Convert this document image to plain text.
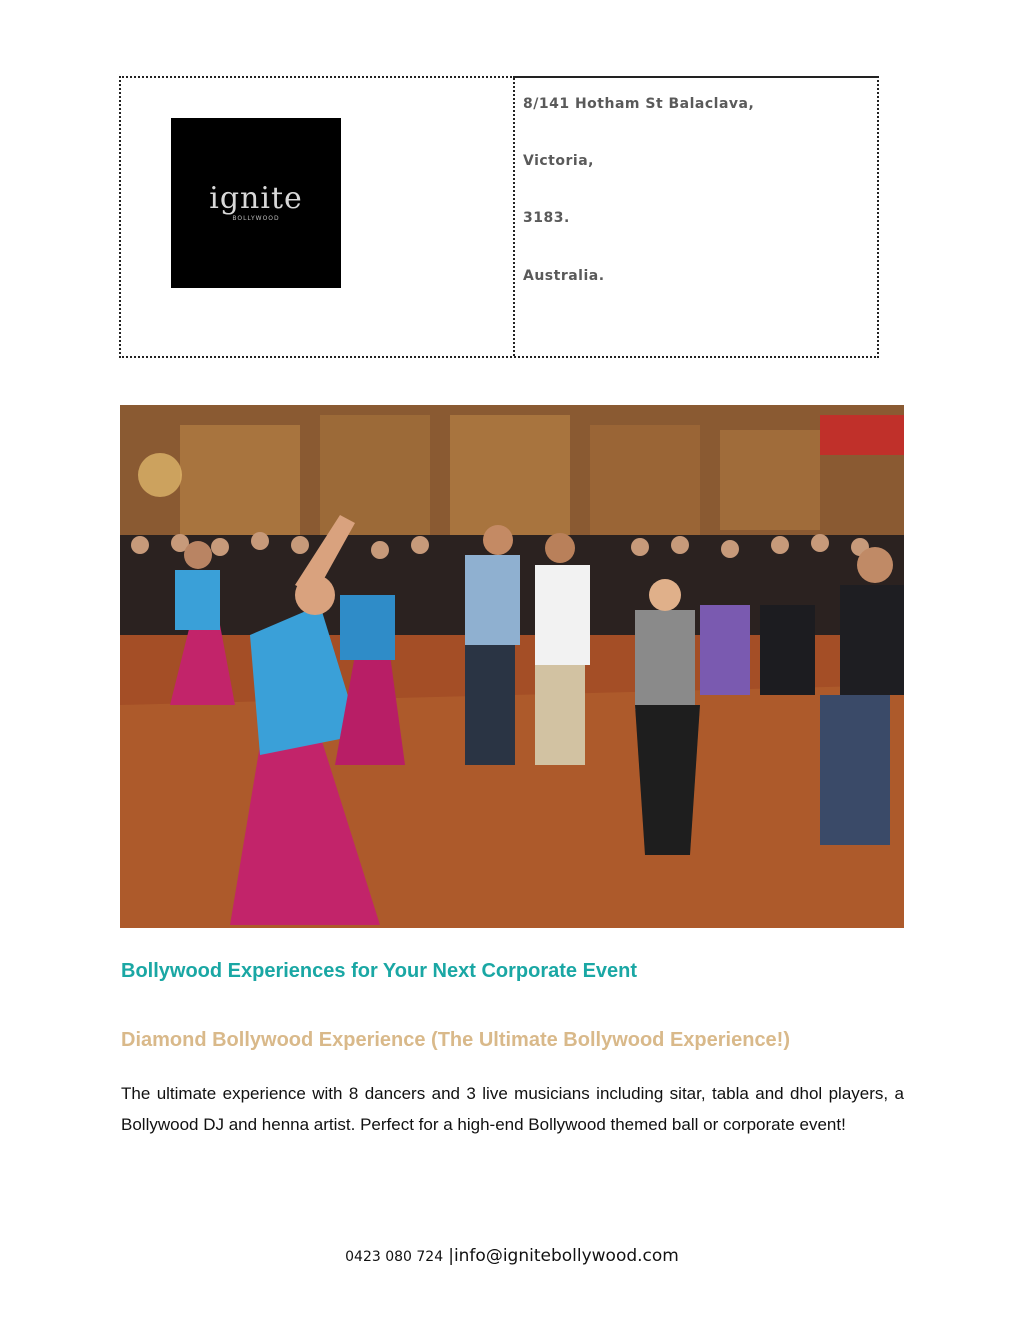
ignite
BOLLYWOOD
8/141 Hotham St Balaclava,
Victoria,
3183.
Australia.
Bollywood Experiences for Your Next Corporate Event
Diamond Bollywood Experience (The Ultimate Bollywood Experience!)

The ultimate experience with 8 dancers and 3 live musicians including sitar, tabla and dhol players, a Bollywood DJ and henna artist. Perfect for a high-end Bollywood themed ball or corporate event!

0423 080 724 |info@ignitebollywood.com
